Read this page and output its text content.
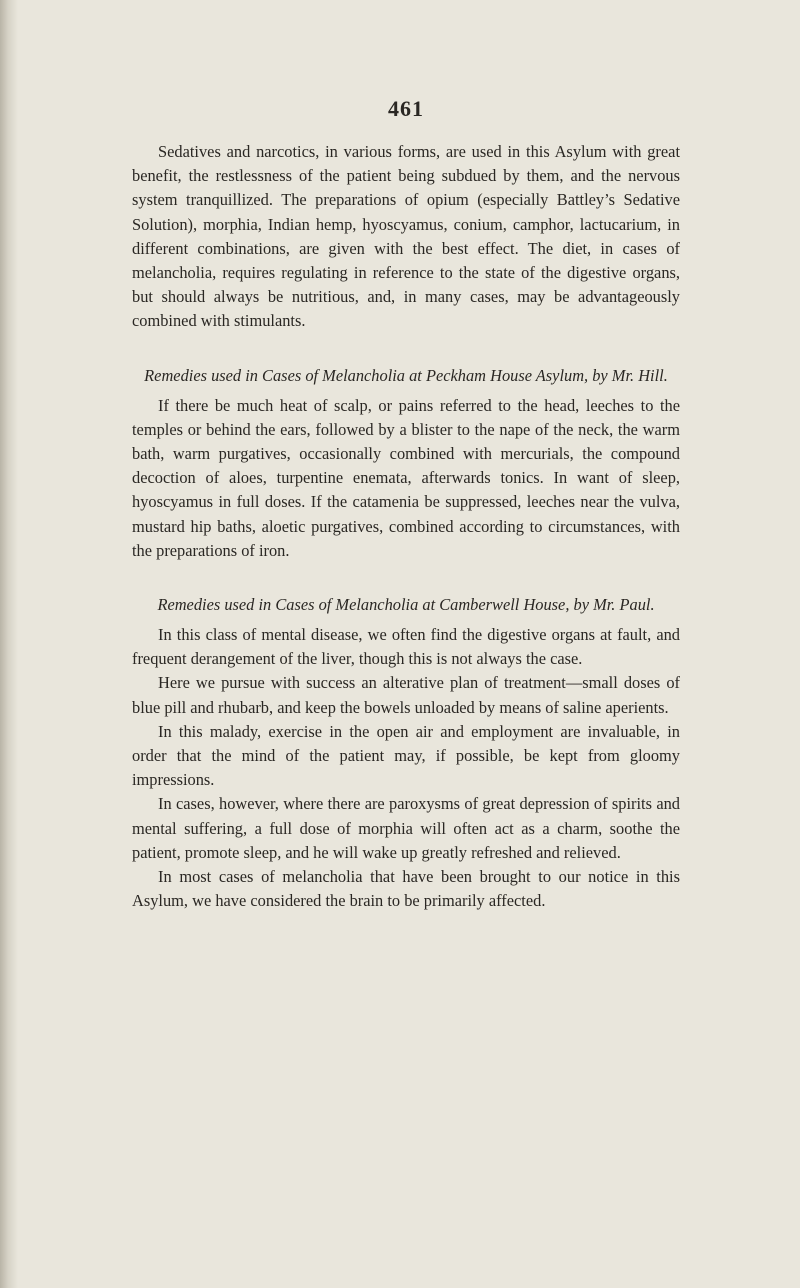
461

Sedatives and narcotics, in various forms, are used in this Asylum with great benefit, the restlessness of the patient being subdued by them, and the nervous system tranquillized. The preparations of opium (especially Battley’s Sedative Solution), morphia, Indian hemp, hyoscyamus, conium, camphor, lactucarium, in different combinations, are given with the best effect. The diet, in cases of melancholia, requires regulating in reference to the state of the digestive organs, but should always be nutritious, and, in many cases, may be advantageously combined with stimulants.

Remedies used in Cases of Melancholia at Peckham House Asylum, by Mr. Hill.

If there be much heat of scalp, or pains referred to the head, leeches to the temples or behind the ears, followed by a blister to the nape of the neck, the warm bath, warm purgatives, occasionally combined with mercurials, the compound decoction of aloes, turpentine enemata, afterwards tonics. In want of sleep, hyoscyamus in full doses. If the catamenia be suppressed, leeches near the vulva, mustard hip baths, aloetic purgatives, combined according to circumstances, with the preparations of iron.

Remedies used in Cases of Melancholia at Camberwell House, by Mr. Paul.

In this class of mental disease, we often find the digestive organs at fault, and frequent derangement of the liver, though this is not always the case.

Here we pursue with success an alterative plan of treatment—small doses of blue pill and rhubarb, and keep the bowels unloaded by means of saline aperients.

In this malady, exercise in the open air and employment are invaluable, in order that the mind of the patient may, if possible, be kept from gloomy impressions.

In cases, however, where there are paroxysms of great depression of spirits and mental suffering, a full dose of morphia will often act as a charm, soothe the patient, promote sleep, and he will wake up greatly refreshed and relieved.

In most cases of melancholia that have been brought to our notice in this Asylum, we have considered the brain to be primarily affected.
